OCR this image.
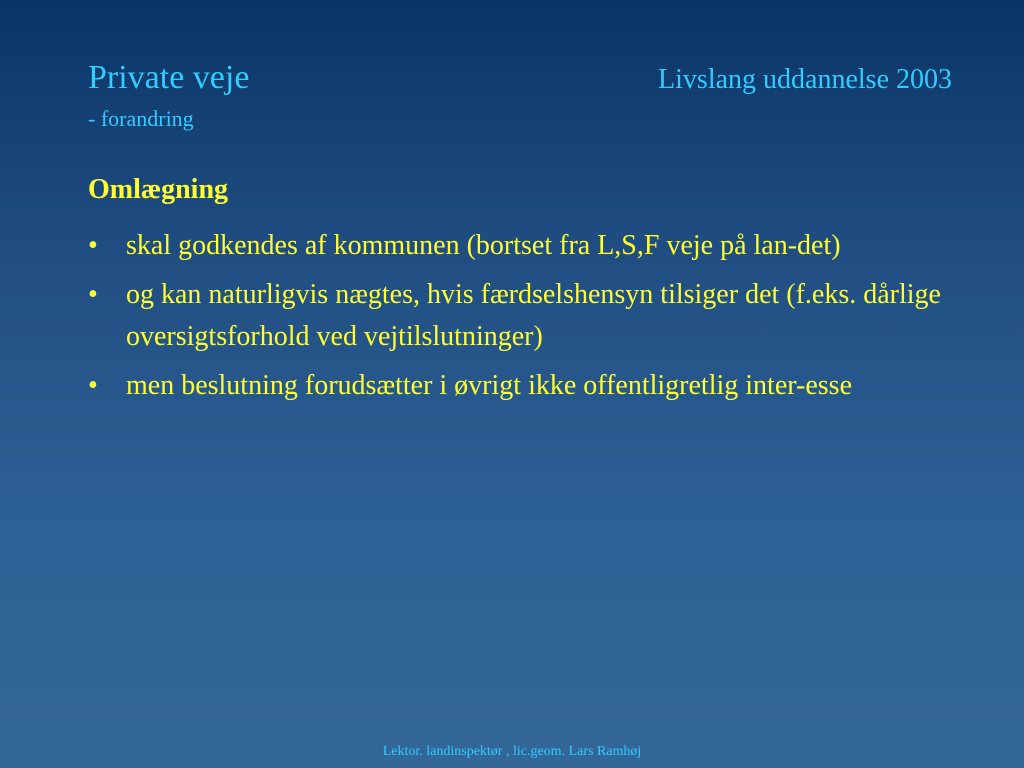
Private veje
- forandring
Livslang uddannelse 2003
Omlægning
•	skal godkendes af kommunen (bortset fra L,S,F veje på lan-det)
•	og kan naturligvis nægtes, hvis færdselshensyn tilsiger det (f.eks. dårlige oversigtsforhold ved vejtilslutninger)
•	men beslutning forudsætter i øvrigt ikke offentligretlig inter-esse
Lektor. landinspektør , lic.geom. Lars Ramhøj
